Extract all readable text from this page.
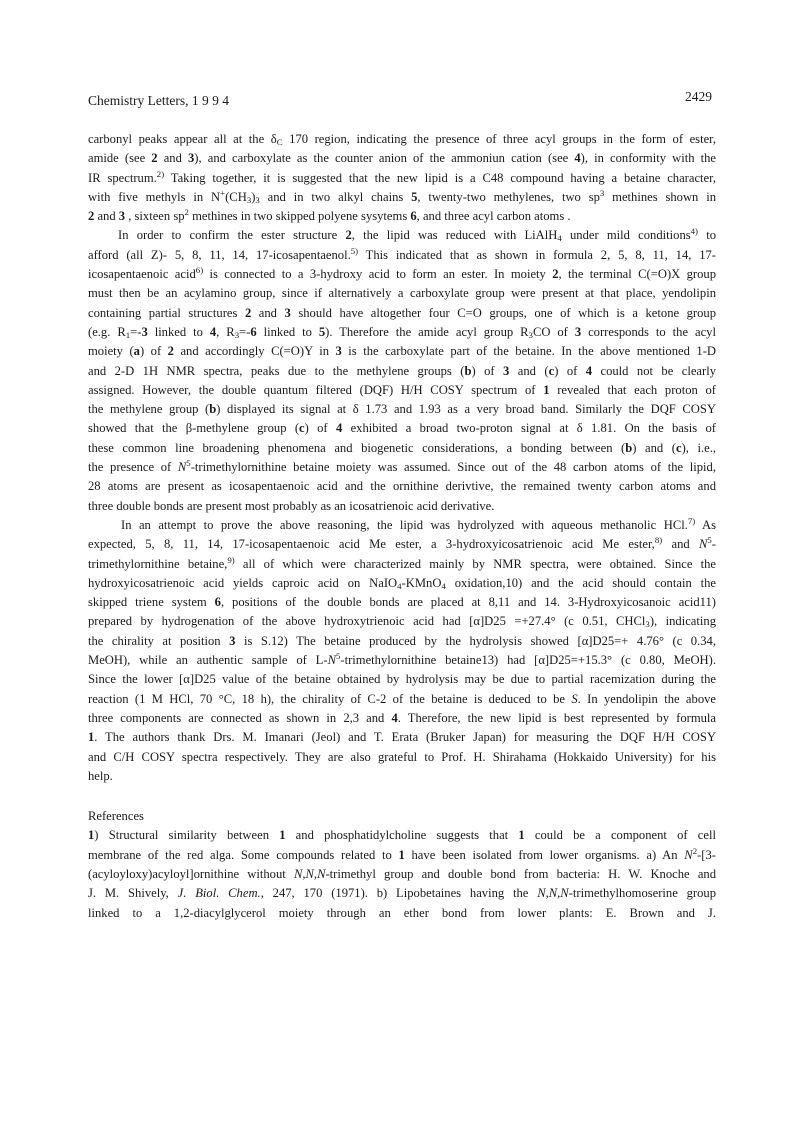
Chemistry Letters, 1 9 9 4	2429
carbonyl peaks appear all at the $\delta_C$ 170 region, indicating the presence of three acyl groups in the form of ester,
amide (see 2 and 3), and carboxylate as the counter anion of the ammoniun cation (see 4), in conformity with the
IR spectrum.$^{2)}$ Taking together, it is suggested that the new lipid is a C48 compound having a betaine character,
with five methyls in $N^+(CH_3)_3$ and in two alkyl chains 5, twenty-two methylenes, two $sp^3$ methines shown in
2 and 3 , sixteen $sp^2$ methines in two skipped polyene sysytems 6, and three acyl carbon atoms .
In order to confirm the ester structure 2, the lipid was reduced with LiAlH$_4$ under mild conditions$^{4)}$ to
afford (all Z)- 5, 8, 11, 14, 17-icosapentaenol.$^{5)}$ This indicated that as shown in formula 2, 5, 8, 11, 14, 17-
icosapentaenoic acid$^{6)}$ is connected to a 3-hydroxy acid to form an ester. In moiety 2, the terminal C(=O)X group
must then be an acylamino group, since if alternatively a carboxylate group were present at that place, yendolipin
containing partial structures 2 and 3 should have altogether four C=O groups, one of which is a ketone group
(e.g. $R_1=-3$ linked to 4, $R_3=-6$ linked to 5). Therefore the amide acyl group $R_3CO$ of 3 corresponds to the acyl
moiety (a) of 2 and accordingly C(=O)Y in 3 is the carboxylate part of the betaine. In the above mentioned 1-D
and 2-D 1H NMR spectra, peaks due to the methylene groups (b) of 3 and (c) of 4 could not be clearly
assigned. However, the double quantum filtered (DQF) H/H COSY spectrum of 1 revealed that each proton of
the methylene group (b) displayed its signal at δ 1.73 and 1.93 as a very broad band. Similarly the DQF COSY
showed that the β-methylene group (c) of 4 exhibited a broad two-proton signal at δ 1.81. On the basis of
these common line broadening phenomena and biogenetic considerations, a bonding between (b) and (c), i.e.,
the presence of $N^5$-trimethylornithine betaine moiety was assumed. Since out of the 48 carbon atoms of the lipid,
28 atoms are present as icosapentaenoic acid and the ornithine derivtive, the remained twenty carbon atoms and
three double bonds are present most probably as an icosatrienoic acid derivative.
In an attempt to prove the above reasoning, the lipid was hydrolyzed with aqueous methanolic HCl.$^{7)}$ As
expected, 5, 8, 11, 14, 17-icosapentaenoic acid Me ester, a 3-hydroxyicosatrienoic acid Me ester,$^{8)}$ and $N^5-$
trimethylornithine betaine,$^{9)}$ all of which were characterized mainly by NMR spectra, were obtained. Since the
hydroxyicosatrienoic acid yields caproic acid on NaIO$_4$-KMnO$_4$ oxidation,10) and the acid should contain the
skipped triene system 6, positions of the double bonds are placed at 8,11 and 14. 3-Hydroxyicosanoic acid11)
prepared by hydrogenation of the above hydroxytrienoic acid had [α]D25 =+27.4° (c 0.51, CHCl$_3$), indicating
the chirality at position 3 is S.12) The betaine produced by the hydrolysis showed [α]D25=+ 4.76° (c 0.34,
MeOH), while an authentic sample of $L-N^5$-trimethylornithine betaine13) had [α]D25=+15.3° (c 0.80, MeOH).
Since the lower [α]D25 value of the betaine obtained by hydrolysis may be due to partial racemization during the
reaction (1 M HCl, 70 °C, 18 h), the chirality of C-2 of the betaine is deduced to be S. In yendolipin the above
three components are connected as shown in 2,3 and 4. Therefore, the new lipid is best represented by formula
1. The authors thank Drs. M. Imanari (Jeol) and T. Erata (Bruker Japan) for measuring the DQF H/H COSY
and C/H COSY spectra respectively. They are also grateful to Prof. H. Shirahama (Hokkaido University) for his
help.
References
1) Structural similarity between 1 and phosphatidylcholine suggests that 1 could be a component of cell
membrane of the red alga. Some compounds related to 1 have been isolated from lower organisms. a) An $N^2-[3-$
(acyloyloxy)acyloyl]ornithine without N,N,N-trimethyl group and double bond from bacteria: H. W. Knoche and
J. M. Shively, J. Biol. Chem., 247, 170 (1971). b) Lipobetaines having the N,N,N-trimethylhomoserine group
linked to a 1,2-diacylglycerol moiety through an ether bond from lower plants: E. Brown and J.
